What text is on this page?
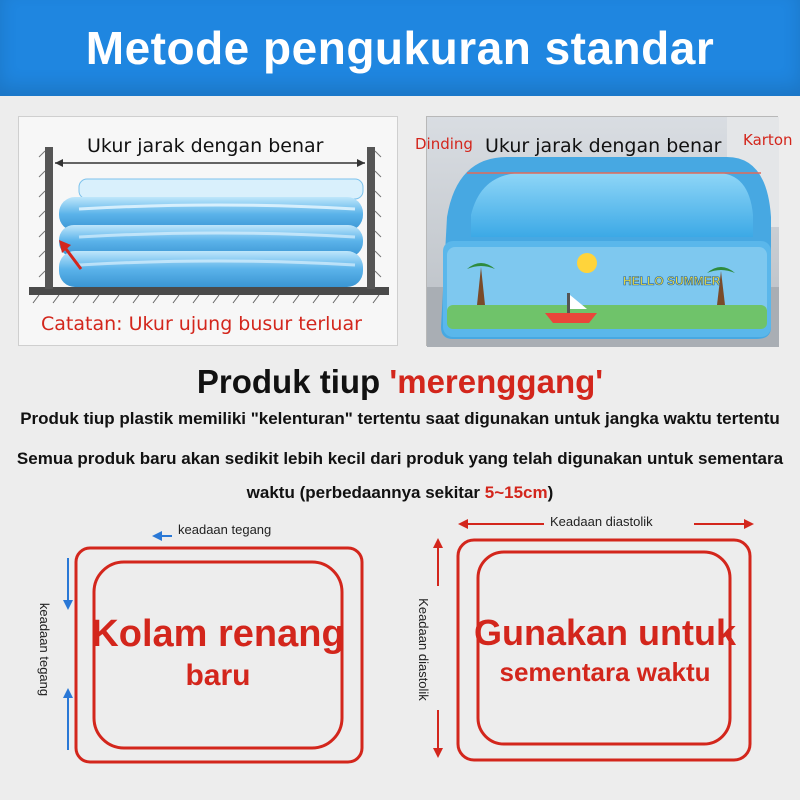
Metode pengukuran standar
Ukur jarak dengan benar
Catatan: Ukur ujung busur terluar
HELLO SUMMER
Ukur jarak dengan benar
Dinding	Karton
Produk tiup 'merenggang'
Produk tiup plastik memiliki "kelenturan" tertentu saat digunakan untuk jangka waktu tertentu
Semua produk baru akan sedikit lebih kecil dari produk yang telah digunakan untuk sementara
waktu (perbedaannya sekitar 5~15cm)
keadaan tegang
keadaan tegang Kolam renang
baru
Keadaan diastolik
Keadaan diastolik Gunakan untuk
sementara waktu
